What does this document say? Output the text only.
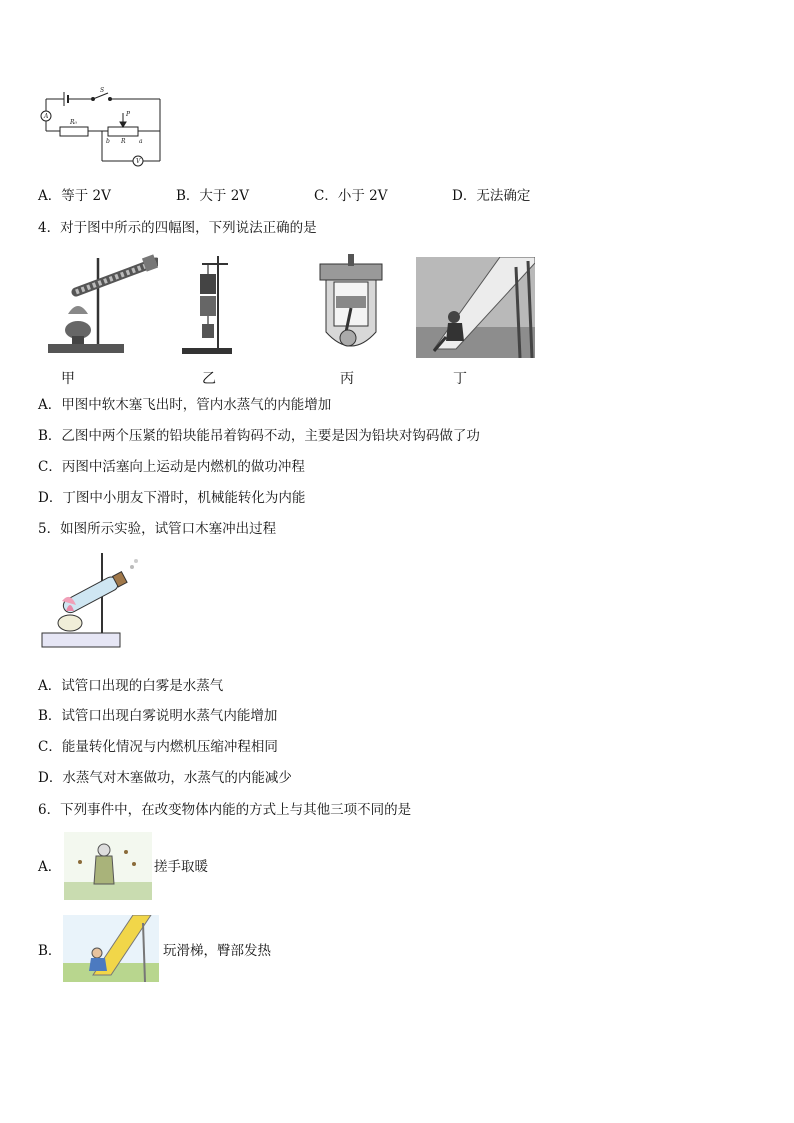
S
A
R₀
P
b R a
V
A．等于 2V	B．大于 2V	C．小于 2V	D．无法确定
4．对于图中所示的四幅图，下列说法正确的是
甲	乙	丙	丁
A．甲图中软木塞飞出时，管内水蒸气的内能增加
B．乙图中两个压紧的铅块能吊着钩码不动，主要是因为铅块对钩码做了功
C．丙图中活塞向上运动是内燃机的做功冲程
D．丁图中小朋友下滑时，机械能转化为内能
5．如图所示实验，试管口木塞冲出过程
A．试管口出现的白雾是水蒸气
B．试管口出现白雾说明水蒸气内能增加
C．能量转化情况与内燃机压缩冲程相同
D．水蒸气对木塞做功，水蒸气的内能减少
6．下列事件中，在改变物体内能的方式上与其他三项不同的是
A．	搓手取暖
B．	玩滑梯，臀部发热
